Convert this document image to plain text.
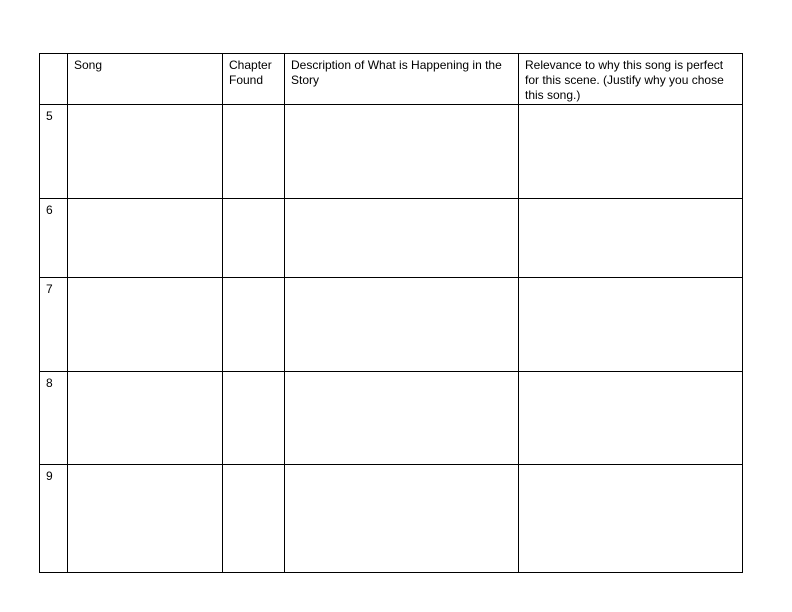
	Song	Chapter Found	Description of What is Happening in the Story	Relevance to why this song is perfect for this scene. (Justify why you chose this song.)

5				

6				

7				

8				

9				
